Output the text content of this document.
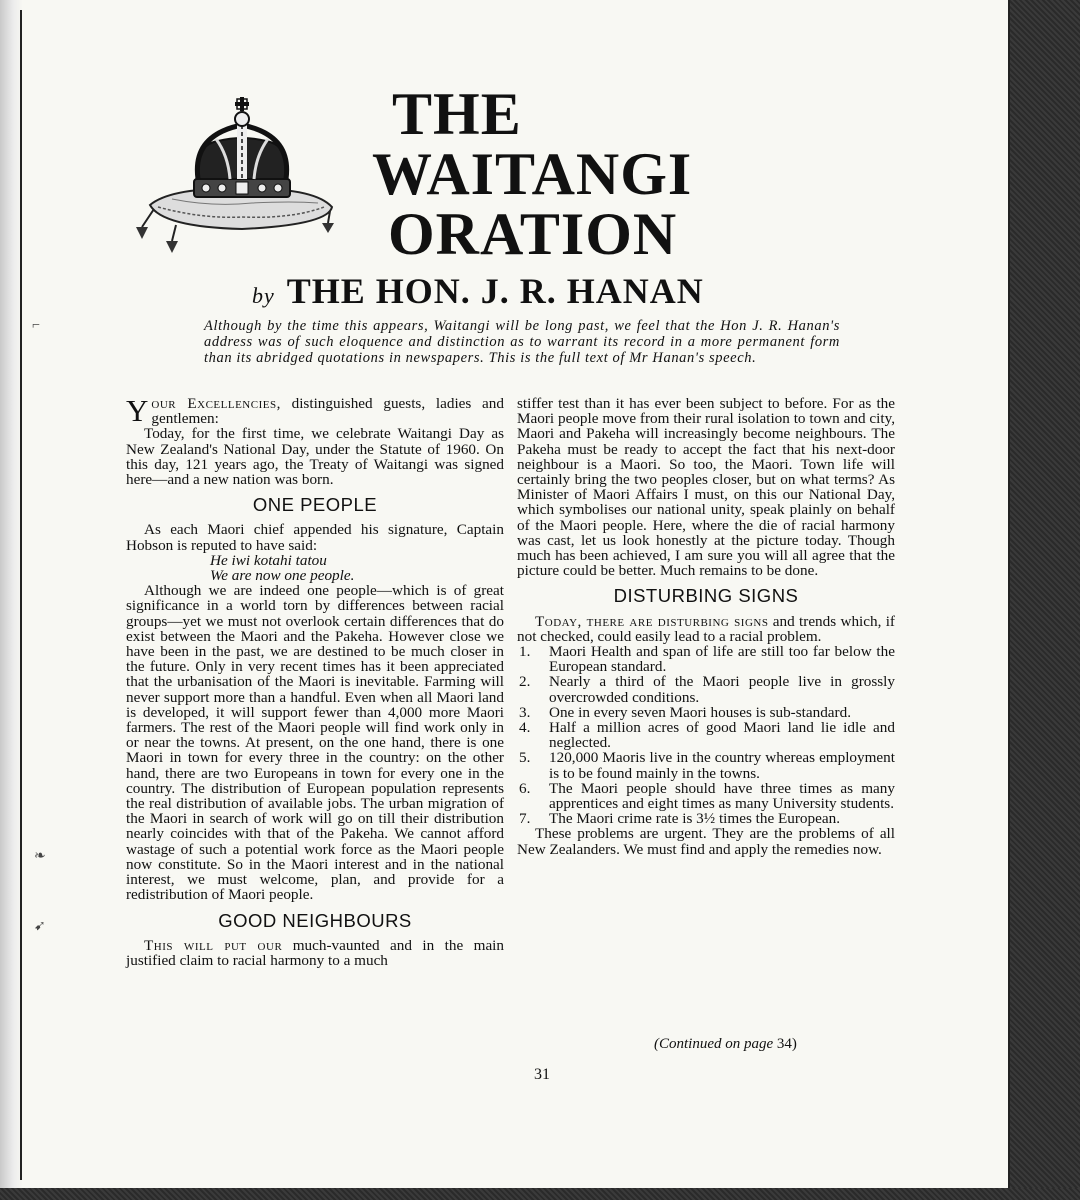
⌐
❧
➹
THE
WAITANGI
ORATION
by THE HON. J. R. HANAN

Although by the time this appears, Waitangi will be long past, we feel that the Hon J. R. Hanan's address was of such eloquence and distinction as to warrant its record in a more permanent form than its abridged quotations in newspapers. This is the full text of Mr Hanan's speech.

Your Excellencies, distinguished guests, ladies and gentlemen:

Today, for the first time, we celebrate Waitangi Day as New Zealand's National Day, under the Statute of 1960. On this day, 121 years ago, the Treaty of Waitangi was signed here—and a new nation was born.

ONE PEOPLE

As each Maori chief appended his signature, Captain Hobson is reputed to have said:

He iwi kotahi tatou

We are now one people.

Although we are indeed one people—which is of great significance in a world torn by differences between racial groups—yet we must not overlook certain differences that do exist between the Maori and the Pakeha. However close we have been in the past, we are destined to be much closer in the future. Only in very recent times has it been appreciated that the urbanisation of the Maori is inevitable. Farming will never support more than a handful. Even when all Maori land is developed, it will support fewer than 4,000 more Maori farmers. The rest of the Maori people will find work only in or near the towns. At present, on the one hand, there is one Maori in town for every three in the country: on the other hand, there are two Europeans in town for every one in the country. The distribution of European population represents the real distribution of available jobs. The urban migration of the Maori in search of work will go on till their distribution nearly coincides with that of the Pakeha. We cannot afford wastage of such a potential work force as the Maori people now constitute. So in the Maori interest and in the national interest, we must welcome, plan, and provide for a redistribution of Maori people.

GOOD NEIGHBOURS

This will put our much-vaunted and in the main justified claim to racial harmony to a much

stiffer test than it has ever been subject to before. For as the Maori people move from their rural isolation to town and city, Maori and Pakeha will increasingly become neighbours. The Pakeha must be ready to accept the fact that his next-door neighbour is a Maori. So too, the Maori. Town life will certainly bring the two peoples closer, but on what terms? As Minister of Maori Affairs I must, on this our National Day, which symbolises our national unity, speak plainly on behalf of the Maori people. Here, where the die of racial harmony was cast, let us look honestly at the picture today. Though much has been achieved, I am sure you will all agree that the picture could be better. Much remains to be done.

DISTURBING SIGNS

Today, there are disturbing signs and trends which, if not checked, could easily lead to a racial problem.

1.	Maori Health and span of life are still too far below the European standard.
2.	Nearly a third of the Maori people live in grossly overcrowded conditions.
3.	One in every seven Maori houses is sub-standard.
4.	Half a million acres of good Maori land lie idle and neglected.
5.	120,000 Maoris live in the country whereas employment is to be found mainly in the towns.
6.	The Maori people should have three times as many apprentices and eight times as many University students.
7.	The Maori crime rate is 3½ times the European.

These problems are urgent. They are the problems of all New Zealanders. We must find and apply the remedies now.

(Continued on page 34)
31
